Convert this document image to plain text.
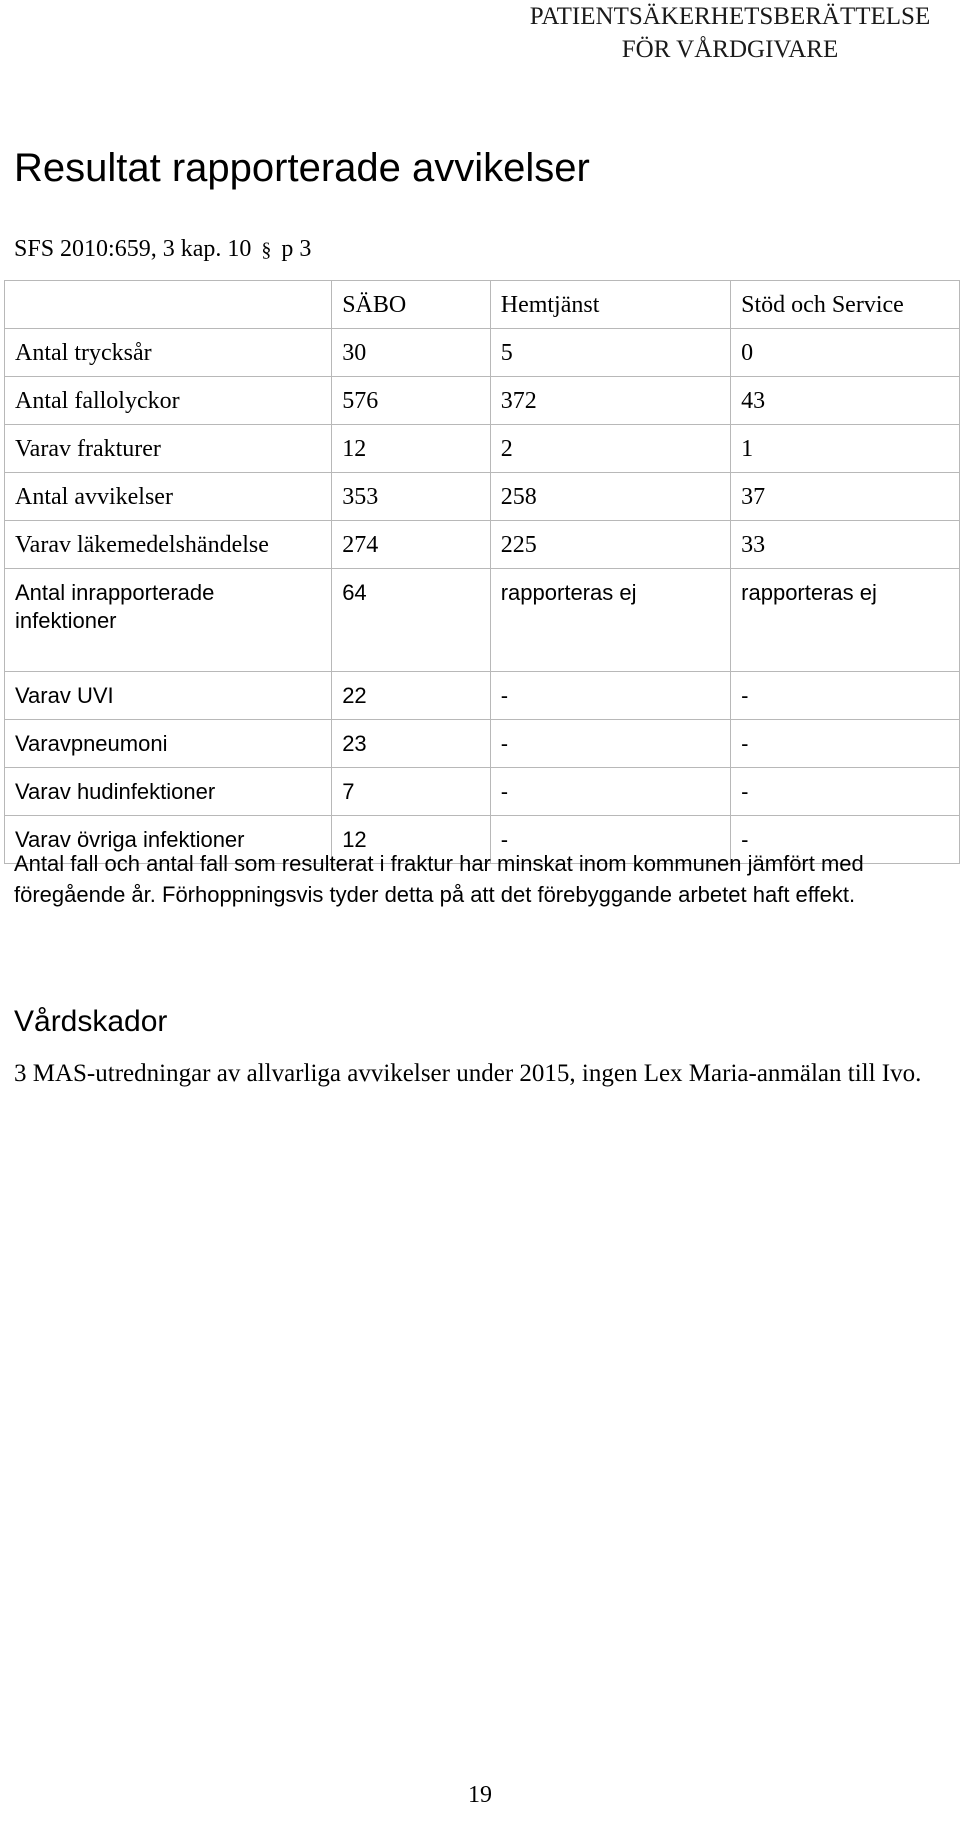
PATIENTSÄKERHETSBERÄTTELSE
FÖR VÅRDGIVARE
Resultat rapporterade avvikelser
SFS 2010:659, 3 kap. 10 § p 3
	SÄBO	Hemtjänst	Stöd och Service
Antal trycksår	30	5	0
Antal fallolyckor	576	372	43
Varav frakturer	12	2	1
Antal avvikelser	353	258	37
Varav läkemedelshändelse	274	225	33
Antal inrapporterade infektioner	64	rapporteras ej	rapporteras ej
Varav UVI	22	-	-
Varavpneumoni	23	-	-
Varav hudinfektioner	7	-	-
Varav övriga infektioner	12	-	-

Antal fall och antal fall som resulterat i fraktur har minskat inom kommunen jämfört med föregående år. Förhoppningsvis tyder detta på att det förebyggande arbetet haft effekt.

Vårdskador

3 MAS-utredningar av allvarliga avvikelser under 2015, ingen Lex Maria-anmälan till Ivo.

19
